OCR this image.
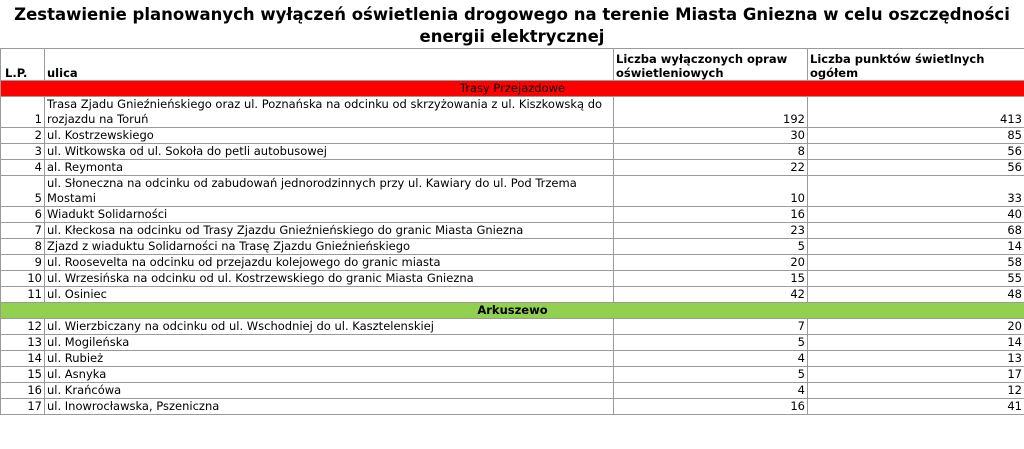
Zestawienie planowanych wyłączeń oświetlenia drogowego na terenie Miasta Gniezna w celu oszczędności energii elektrycznej
L.P.	ulica	Liczba wyłączonych opraw oświetleniowych	Liczba punktów świetlnych ogółem
Trasy Przejazdowe			
1	Trasa Zjadu Gnieźnieńskiego oraz ul. Poznańska na odcinku od skrzyżowania z ul. Kiszkowską do rozjazdu na Toruń	192	413
2	ul. Kostrzewskiego	30	85
3	ul. Witkowska od ul. Sokoła do petli autobusowej	8	56
4	al. Reymonta	22	56
5	ul. Słoneczna na odcinku od zabudowań jednorodzinnych przy ul. Kawiary do ul. Pod Trzema Mostami	10	33
6	Wiadukt Solidarności	16	40
7	ul. Kłeckosa na odcinku od Trasy Zjazdu Gnieźnieńskiego do granic Miasta Gniezna	23	68
8	Zjazd z wiaduktu Solidarności na Trasę Zjazdu Gnieźnieńskiego	5	14
9	ul. Roosevelta na odcinku od przejazdu kolejowego do granic miasta	20	58
10	ul. Wrzesińska na odcinku od ul. Kostrzewskiego do granic Miasta Gniezna	15	55
11	ul. Osiniec	42	48
Arkuszewo			
12	ul. Wierzbiczany na odcinku od ul. Wschodniej do ul. Kasztelenskiej	7	20
13	ul. Mogileńska	5	14
14	ul. Rubież	4	13
15	ul. Asnyka	5	17
16	ul. Krańcówa	4	12
17	ul. Inowrocławska, Pszeniczna	16	41
